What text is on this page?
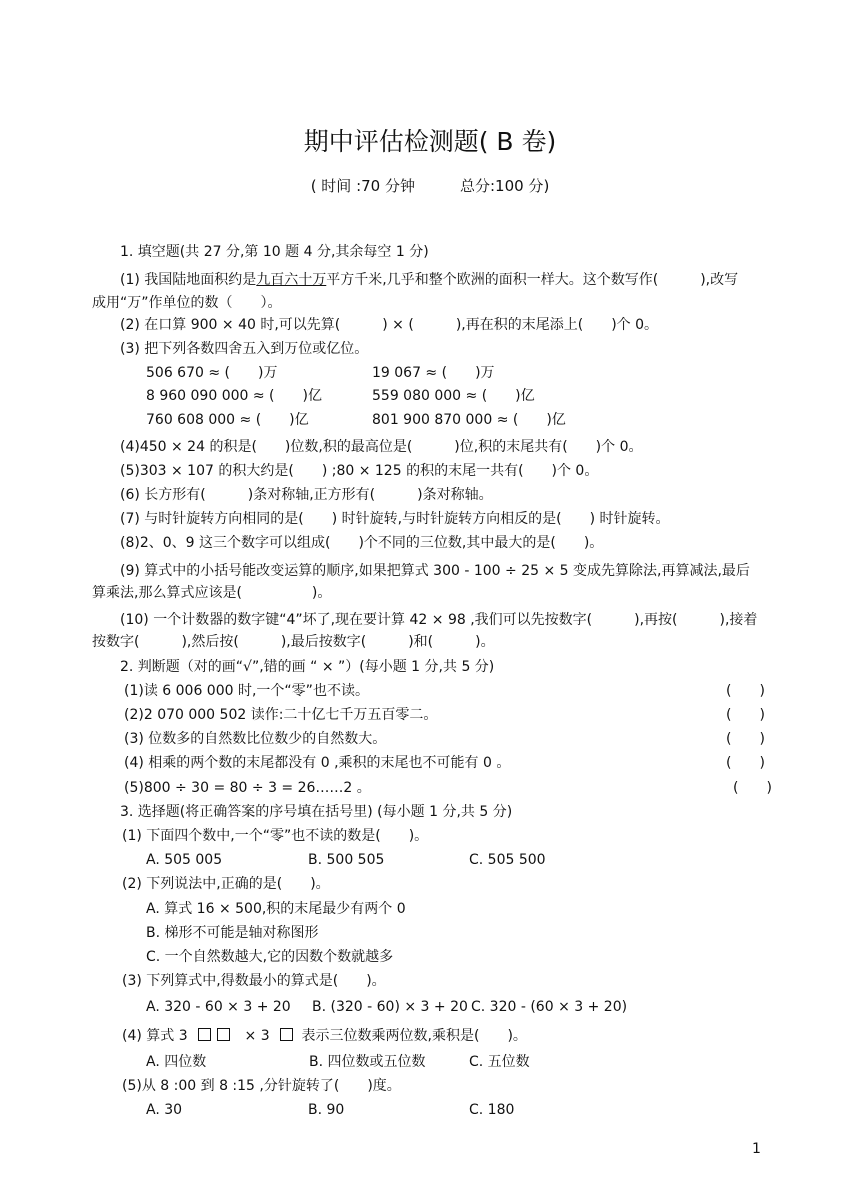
期中评估检测题( B 卷)
( 时间 :70 分钟　　　总分:100 分)
1. 填空题(共 27 分,第 10 题 4 分,其余每空 1 分)
(1) 我国陆地面积约是九百六十万平方千米,几乎和整个欧洲的面积一样大。这个数写作(　　　),改写
成用“万”作单位的数（　　）。
(2) 在口算 900 × 40 时,可以先算(　　　) × (　　　),再在积的末尾添上(　　)个 0。
(3) 把下列各数四舍五入到万位或亿位。
506 670 ≈ (　　)万	19 067 ≈ (　　)万
8 960 090 000 ≈ (　　)亿	559 080 000 ≈ (　　)亿
760 608 000 ≈ (　　)亿	801 900 870 000 ≈ (　　)亿
(4)450 × 24 的积是(　　)位数,积的最高位是(　　　)位,积的末尾共有(　　)个 0。
(5)303 × 107 的积大约是(　　) ;80 × 125 的积的末尾一共有(　　)个 0。
(6) 长方形有(　　　)条对称轴,正方形有(　　　)条对称轴。
(7) 与时针旋转方向相同的是(　　) 时针旋转,与时针旋转方向相反的是(　　) 时针旋转。
(8)2、0、9 这三个数字可以组成(　　)个不同的三位数,其中最大的是(　　)。
(9) 算式中的小括号能改变运算的顺序,如果把算式 300 - 100 ÷ 25 × 5 变成先算除法,再算减法,最后
算乘法,那么算式应该是(　　　　　)。
(10) 一个计数器的数字键“4”坏了,现在要计算 42 × 98 ,我们可以先按数字(　　　),再按(　　　),接着
按数字(　　　),然后按(　　　),最后按数字(　　　)和(　　　)。
2. 判断题（对的画“√”,错的画 “ × ”）(每小题 1 分,共 5 分)
(1)读 6 006 000 时,一个“零”也不读。	(　　)
(2)2 070 000 502 读作:二十亿七千万五百零二。	(　　)
(3) 位数多的自然数比位数少的自然数大。	(　　)
(4) 相乘的两个数的末尾都没有 0 ,乘积的末尾也不可能有 0 。	(　　)
(5)800 ÷ 30 = 80 ÷ 3 = 26……2 。	(　　)
3. 选择题(将正确答案的序号填在括号里) (每小题 1 分,共 5 分)
(1) 下面四个数中,一个“零”也不读的数是(　　)。
A. 505 005	B. 500 505	C. 505 500
(2) 下列说法中,正确的是(　　)。
A. 算式 16 × 500,积的末尾最少有两个 0
B. 梯形不可能是轴对称图形
C. 一个自然数越大,它的因数个数就越多
(3) 下列算式中,得数最小的算式是(　　)。
A. 320 - 60 × 3 + 20 B. (320 - 60) × 3 + 20 C. 320 - (60 × 3 + 20)
(4) 算式 3	× 3 表示三位数乘两位数,乘积是(　　)。
A. 四位数	B. 四位数或五位数	C. 五位数
(5)从 8 :00 到 8 :15 ,分针旋转了(　　)度。
A. 30	B. 90	C. 180
1
